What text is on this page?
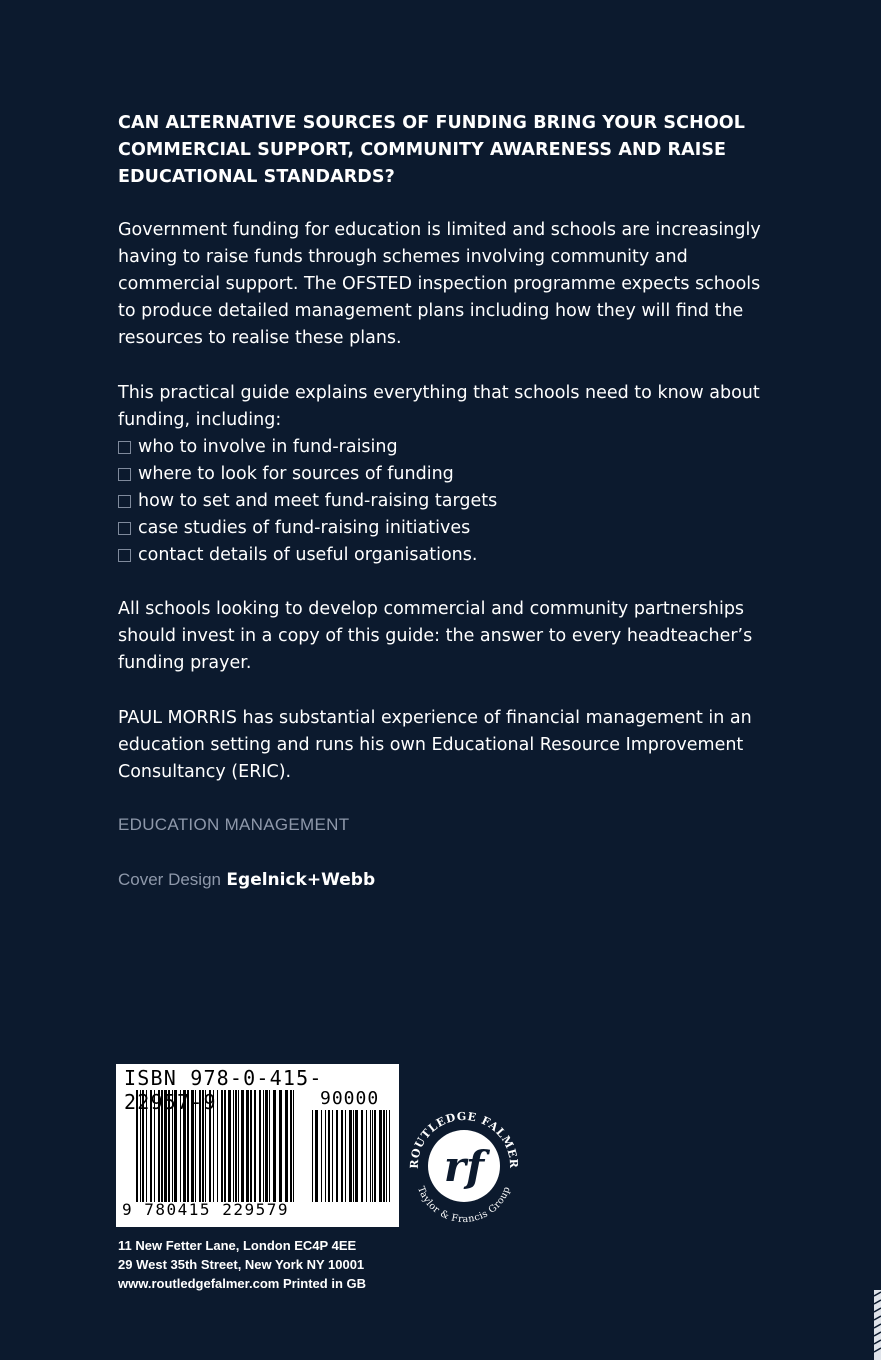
CAN ALTERNATIVE SOURCES OF FUNDING BRING YOUR SCHOOL COMMERCIAL SUPPORT, COMMUNITY AWARENESS AND RAISE EDUCATIONAL STANDARDS?
Government funding for education is limited and schools are increasingly having to raise funds through schemes involving community and commercial support. The OFSTED inspection programme expects schools to produce detailed management plans including how they will find the resources to realise these plans.
This practical guide explains everything that schools need to know about funding, including:
who to involve in fund-raising
where to look for sources of funding
how to set and meet fund-raising targets
case studies of fund-raising initiatives
contact details of useful organisations.
All schools looking to develop commercial and community partnerships should invest in a copy of this guide: the answer to every headteacher’s funding prayer.
PAUL MORRIS has substantial experience of financial management in an education setting and runs his own Educational Resource Improvement Consultancy (ERIC).
EDUCATION MANAGEMENT
Cover Design Egelnick+Webb
ISBN 978-0-415-22957-9	90000
9 780415 229579
ROUTLEDGE FALMER
Taylor & Francis Group
rf
11 New Fetter Lane, London EC4P 4EE
29 West 35th Street, New York NY 10001
www.routledgefalmer.com Printed in GB
